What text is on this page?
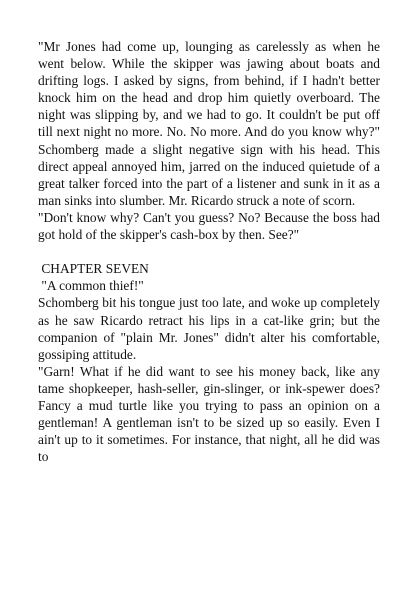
"Mr Jones had come up, lounging as carelessly as when he went below. While the skipper was jawing about boats and drifting logs. I asked by signs, from behind, if I hadn't better knock him on the head and drop him quietly overboard. The night was slipping by, and we had to go. It couldn't be put off till next night no more. No. No more. And do you know why?" Schomberg made a slight negative sign with his head. This direct appeal annoyed him, jarred on the induced quietude of a great talker forced into the part of a listener and sunk in it as a man sinks into slumber. Mr. Ricardo struck a note of scorn.

"Don't know why? Can't you guess? No? Because the boss had got hold of the skipper's cash-box by then. See?"

CHAPTER SEVEN

"A common thief!"

Schomberg bit his tongue just too late, and woke up completely as he saw Ricardo retract his lips in a cat-like grin; but the companion of "plain Mr. Jones" didn't alter his comfortable, gossiping attitude.

"Garn! What if he did want to see his money back, like any tame shopkeeper, hash-seller, gin-slinger, or ink-spewer does? Fancy a mud turtle like you trying to pass an opinion on a gentleman! A gentleman isn't to be sized up so easily. Even I ain't up to it sometimes. For instance, that night, all he did was to
